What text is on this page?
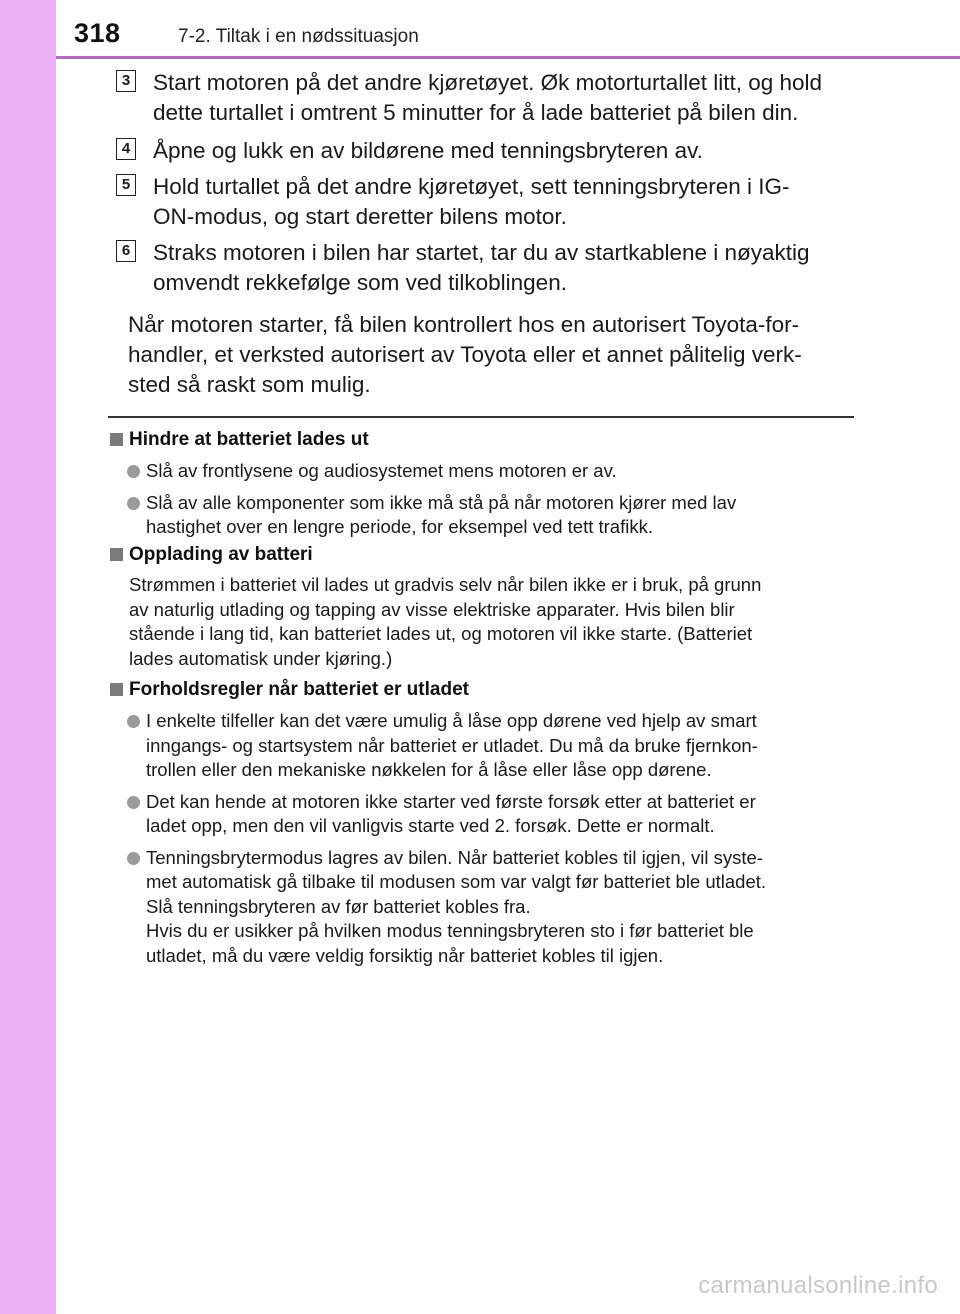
318	7-2. Tiltak i en nødssituasjon
3 Start motoren på det andre kjøretøyet. Øk motorturtallet litt, og hold
dette turtallet i omtrent 5 minutter for å lade batteriet på bilen din.
4 Åpne og lukk en av bildørene med tenningsbryteren av.
5 Hold turtallet på det andre kjøretøyet, sett tenningsbryteren i IG-
ON-modus, og start deretter bilens motor.
6 Straks motoren i bilen har startet, tar du av startkablene i nøyaktig
omvendt rekkefølge som ved tilkoblingen.
Når motoren starter, få bilen kontrollert hos en autorisert Toyota-for-
handler, et verksted autorisert av Toyota eller et annet pålitelig verk-
sted så raskt som mulig.
Hindre at batteriet lades ut
Slå av frontlysene og audiosystemet mens motoren er av.
Slå av alle komponenter som ikke må stå på når motoren kjører med lav
hastighet over en lengre periode, for eksempel ved tett trafikk.
Opplading av batteri
Strømmen i batteriet vil lades ut gradvis selv når bilen ikke er i bruk, på grunn
av naturlig utlading og tapping av visse elektriske apparater. Hvis bilen blir
stående i lang tid, kan batteriet lades ut, og motoren vil ikke starte. (Batteriet
lades automatisk under kjøring.)
Forholdsregler når batteriet er utladet
I enkelte tilfeller kan det være umulig å låse opp dørene ved hjelp av smart
inngangs- og startsystem når batteriet er utladet. Du må da bruke fjernkon-
trollen eller den mekaniske nøkkelen for å låse eller låse opp dørene.
Det kan hende at motoren ikke starter ved første forsøk etter at batteriet er
ladet opp, men den vil vanligvis starte ved 2. forsøk. Dette er normalt.
Tenningsbrytermodus lagres av bilen. Når batteriet kobles til igjen, vil syste-
met automatisk gå tilbake til modusen som var valgt før batteriet ble utladet.
Slå tenningsbryteren av før batteriet kobles fra.
Hvis du er usikker på hvilken modus tenningsbryteren sto i før batteriet ble
utladet, må du være veldig forsiktig når batteriet kobles til igjen.
carmanualsonline.info
